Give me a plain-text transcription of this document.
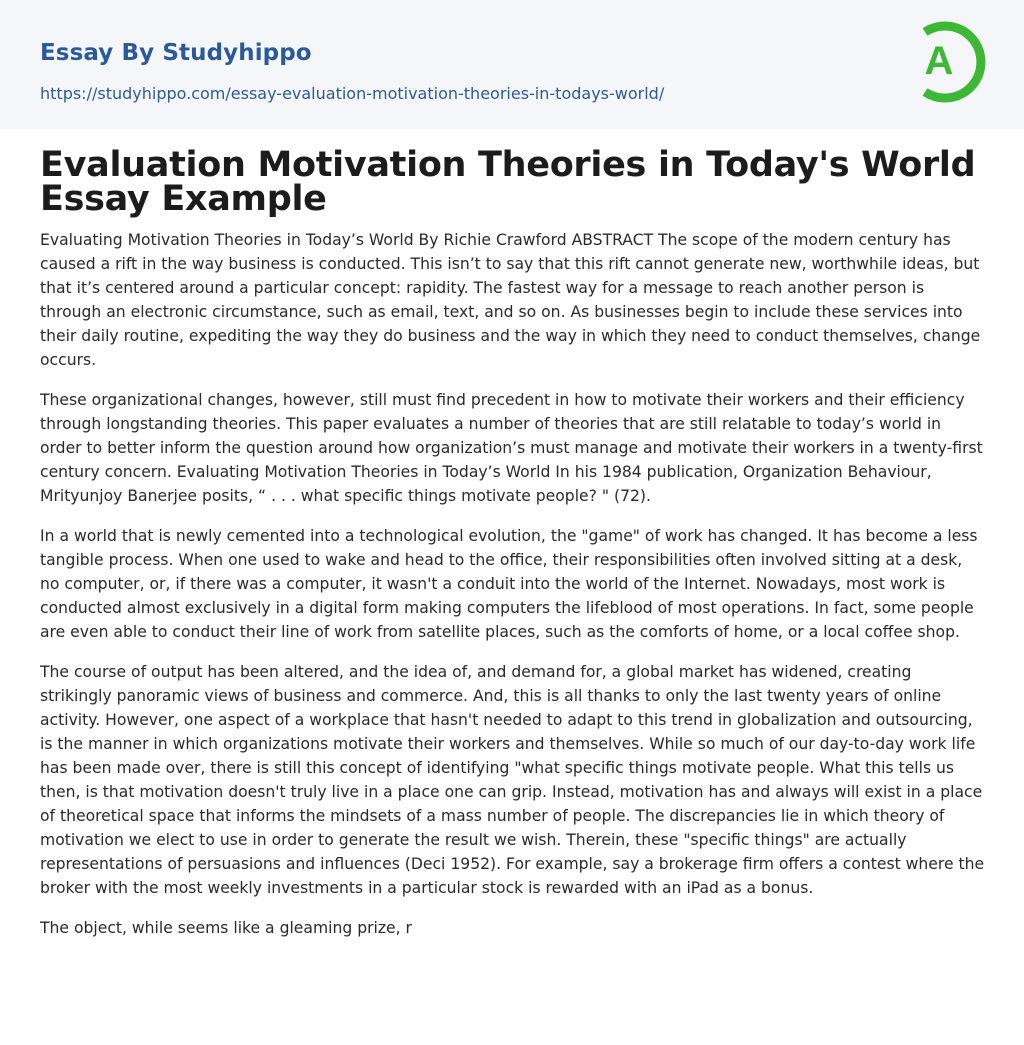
Essay By Studyhippo
https://studyhippo.com/essay-evaluation-motivation-theories-in-todays-world/
A
Evaluation Motivation Theories in Today's World Essay Example

Evaluating Motivation Theories in Today’s World By Richie Crawford ABSTRACT The scope of the modern century has caused a rift in the way business is conducted. This isn’t to say that this rift cannot generate new, worthwhile ideas, but that it’s centered around a particular concept: rapidity. The fastest way for a message to reach another person is through an electronic circumstance, such as email, text, and so on. As businesses begin to include these services into their daily routine, expediting the way they do business and the way in which they need to conduct themselves, change occurs.

These organizational changes, however, still must find precedent in how to motivate their workers and their efficiency through longstanding theories. This paper evaluates a number of theories that are still relatable to today’s world in order to better inform the question around how organization’s must manage and motivate their workers in a twenty-first century concern. Evaluating Motivation Theories in Today’s World In his 1984 publication, Organization Behaviour, Mrityunjoy Banerjee posits, “ . . . what specific things motivate people? " (72).

In a world that is newly cemented into a technological evolution, the "game" of work has changed. It has become a less tangible process. When one used to wake and head to the office, their responsibilities often involved sitting at a desk, no computer, or, if there was a computer, it wasn't a conduit into the world of the Internet. Nowadays, most work is conducted almost exclusively in a digital form making computers the lifeblood of most operations. In fact, some people are even able to conduct their line of work from satellite places, such as the comforts of home, or a local coffee shop.

The course of output has been altered, and the idea of, and demand for, a global market has widened, creating strikingly panoramic views of business and commerce. And, this is all thanks to only the last twenty years of online activity. However, one aspect of a workplace that hasn't needed to adapt to this trend in globalization and outsourcing, is the manner in which organizations motivate their workers and themselves. While so much of our day-to-day work life has been made over, there is still this concept of identifying "what specific things motivate people. What this tells us then, is that motivation doesn't truly live in a place one can grip. Instead, motivation has and always will exist in a place of theoretical space that informs the mindsets of a mass number of people. The discrepancies lie in which theory of motivation we elect to use in order to generate the result we wish. Therein, these "specific things" are actually representations of persuasions and influences (Deci 1952). For example, say a brokerage firm offers a contest where the broker with the most weekly investments in a particular stock is rewarded with an iPad as a bonus.

The object, while seems like a gleaming prize, r
